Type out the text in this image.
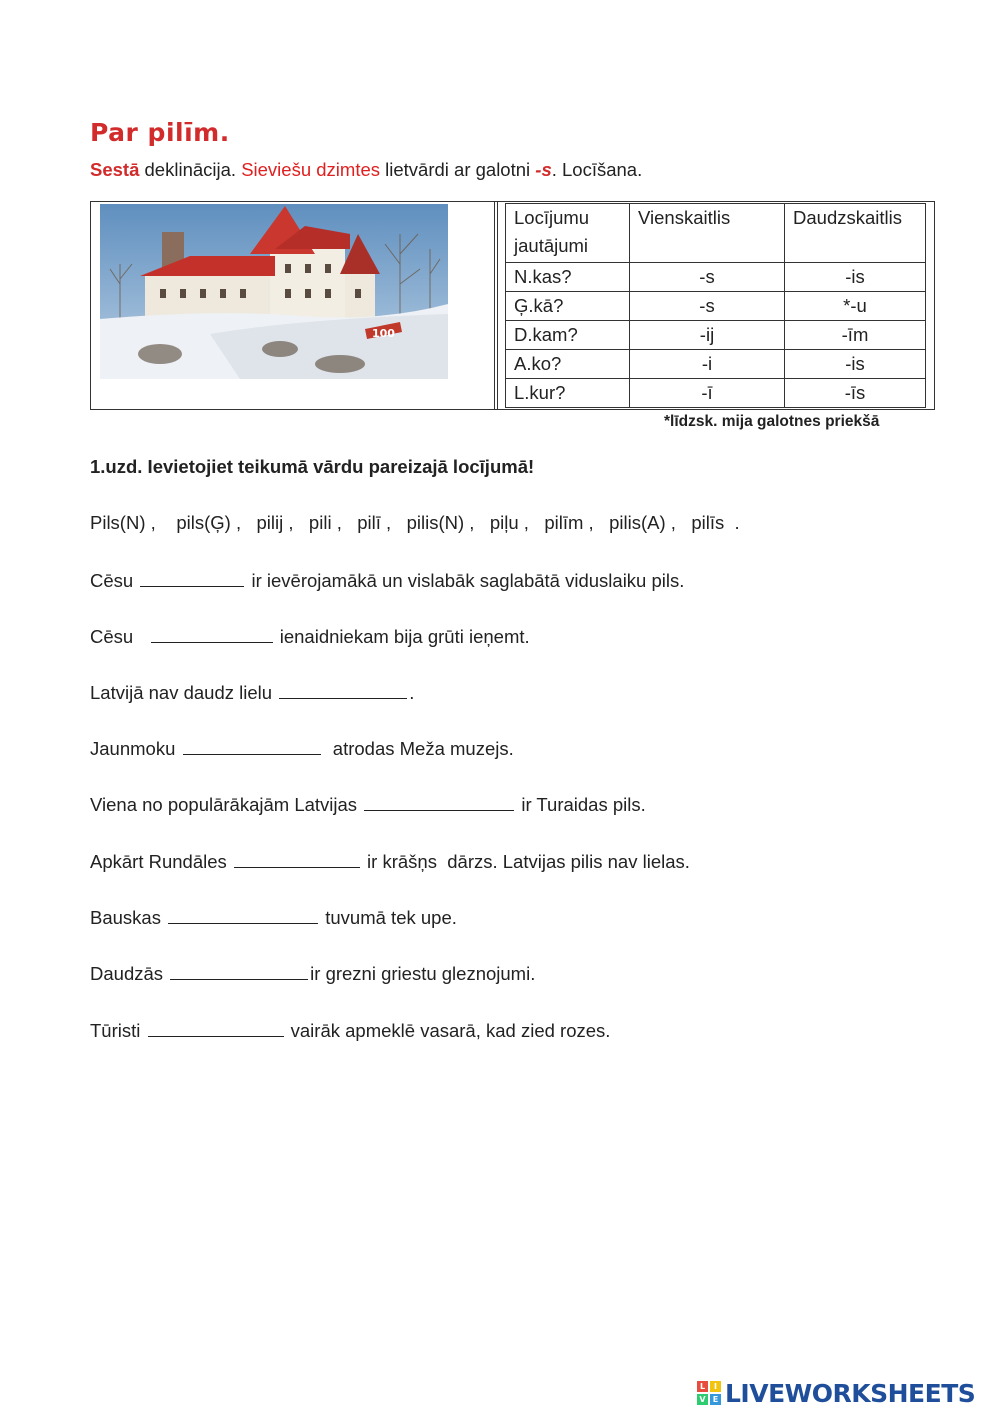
Par pilīm.
Sestā deklinācija. Sieviešu dzimtes lietvārdi ar galotni -s. Locīšana.
100
Locījumu jautājumi	Vienskaitlis	Daudzskaitlis
N.kas?	-s	-is
Ģ.kā?	-s	*-u
D.kam?	-ij	-īm
A.ko?	-i	-is
L.kur?	-ī	-īs
*līdzsk. mija galotnes priekšā
1.uzd. Ievietojiet teikumā vārdu pareizajā locījumā!
Pils(N) ,    pils(Ģ) ,   pilij ,   pili ,   pilī ,   pilis(N) ,   piļu ,   pilīm ,   pilis(A) ,   pilīs  .
Cēsu	ir ievērojamākā un vislabāk saglabātā viduslaiku pils.
Cēsu	ienaidniekam bija grūti ieņemt.
Latvijā nav daudz lielu	.
Jaunmoku	atrodas Meža muzejs.
Viena no populārākajām Latvijas	ir Turaidas pils.
Apkārt Rundāles	ir krāšņs  dārzs. Latvijas pilis nav lielas.
Bauskas	tuvumā tek upe.
Daudzās	ir grezni griestu gleznojumi.
Tūristi	vairāk apmeklē vasarā, kad zied rozes.
L	I
V E LIVEWORKSHEETS
